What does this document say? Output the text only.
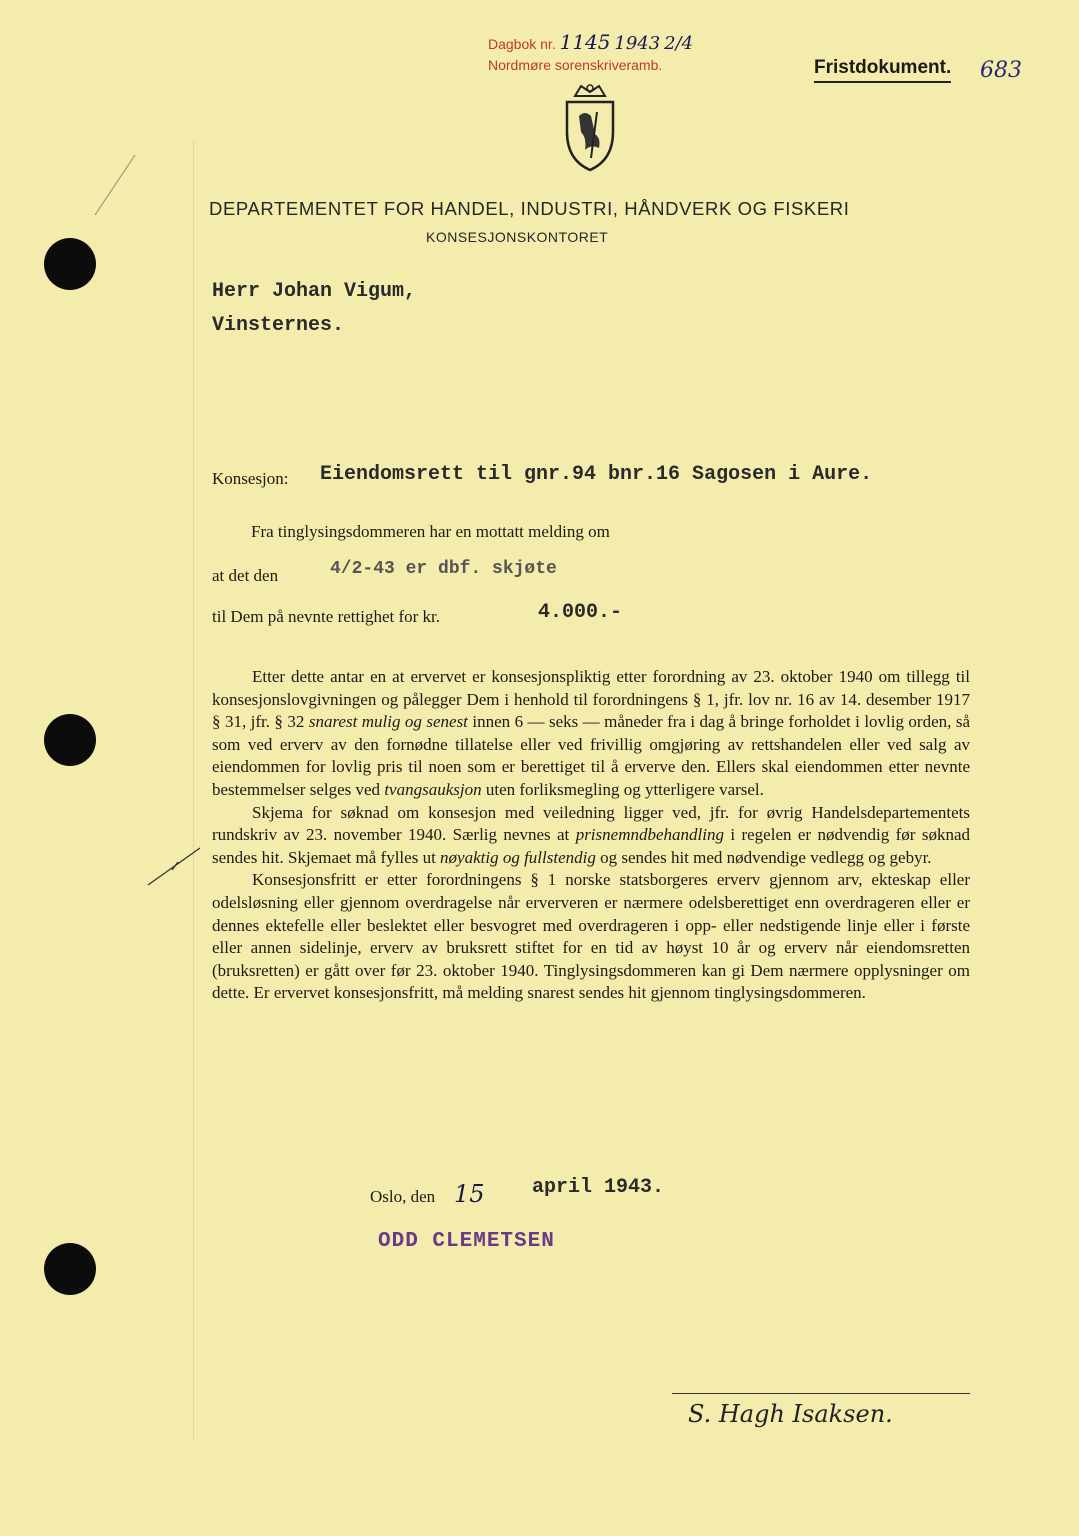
Dagbok nr. 1145 1943 2/4
Nordmøre sorenskriveramb.	Fristdokument. 683
DEPARTEMENTET FOR HANDEL, INDUSTRI, HÅNDVERK OG FISKERI
KONSESJONSKONTORET
Herr Johan Vigum,
Vinsternes.
Konsesjon: Eiendomsrett til gnr.94 bnr.16 Sagosen i Aure.
Fra tinglysingsdommeren har en mottatt melding om
at det den	4/2-43 er dbf. skjøte
til Dem på nevnte rettighet for kr.	4.000.-

Etter dette antar en at ervervet er konsesjonspliktig etter forordning av 23. oktober 1940 om tillegg til konsesjonslovgivningen og pålegger Dem i henhold til forordningens § 1, jfr. lov nr. 16 av 14. desember 1917 § 31, jfr. § 32 snarest mulig og senest innen 6 — seks — måneder fra i dag å bringe forholdet i lovlig orden, så som ved erverv av den fornødne tillatelse eller ved frivillig omgjøring av rettshandelen eller ved salg av eiendommen for lovlig pris til noen som er berettiget til å erverve den. Ellers skal eiendommen etter nevnte bestemmelser selges ved tvangsauksjon uten forliksmegling og ytterligere varsel.

Skjema for søknad om konsesjon med veiledning ligger ved, jfr. for øvrig Handelsdepartementets rundskriv av 23. november 1940. Særlig nevnes at prisnemndbehandling i regelen er nødvendig før søknad sendes hit. Skjemaet må fylles ut nøyaktig og fullstendig og sendes hit med nødvendige vedlegg og gebyr.

Konsesjonsfritt er etter forordningens § 1 norske statsborgeres erverv gjennom arv, ekteskap eller odelsløsning eller gjennom overdragelse når erververen er nærmere odelsberettiget enn overdrageren eller er dennes ektefelle eller beslektet eller besvogret med overdrageren i opp- eller nedstigende linje eller i første eller annen sidelinje, erverv av bruksrett stiftet for en tid av høyst 10 år og erverv når eiendomsretten (bruksretten) er gått over før 23. oktober 1940. Tinglysingsdommeren kan gi Dem nærmere opplysninger om dette. Er ervervet konsesjonsfritt, må melding snarest sendes hit gjennom tinglysingsdommeren.

Oslo, den 15 april 1943.
ODD CLEMETSEN
S. Hagh Isaksen.
